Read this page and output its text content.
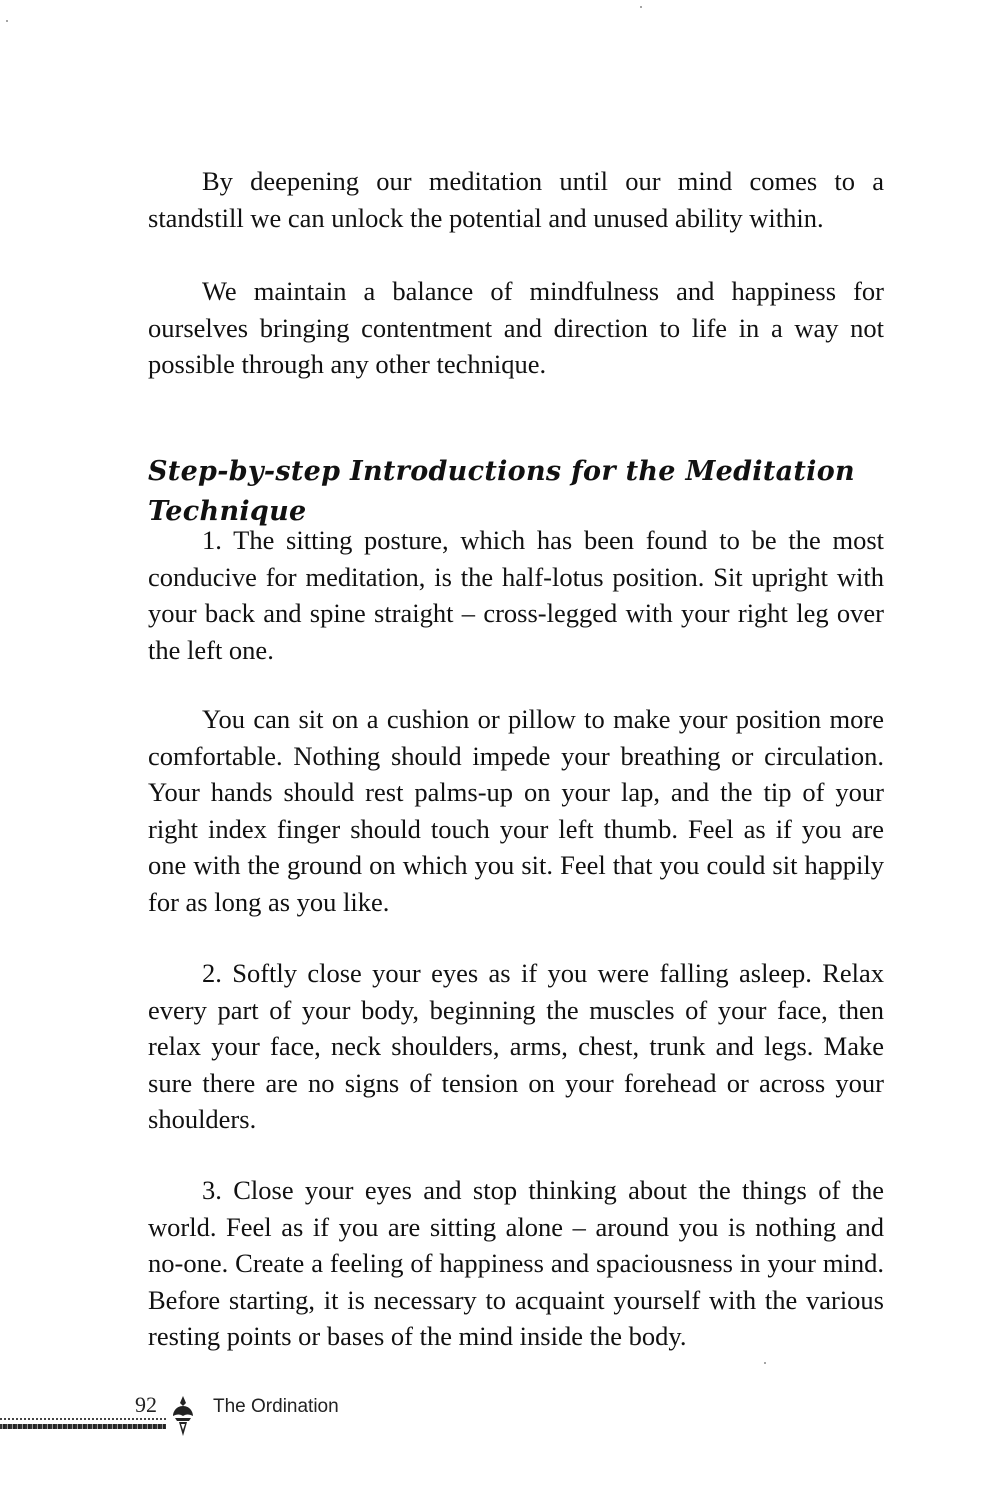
By deepening our meditation until our mind comes to a standstill we can unlock the potential and unused ability within.

We maintain a balance of mindfulness and happiness for ourselves bringing contentment and direction to life in a way not possible through any other technique.

Step-by-step Introductions for the Meditation Technique

1. The sitting posture, which has been found to be the most conducive for meditation, is the half-lotus position. Sit upright with your back and spine straight – cross-legged with your right leg over the left one.

You can sit on a cushion or pillow to make your position more comfortable. Nothing should impede your breathing or circulation. Your hands should rest palms-up on your lap, and the tip of your right index finger should touch your left thumb. Feel as if you are one with the ground on which you sit. Feel that you could sit happily for as long as you like.

2. Softly close your eyes as if you were falling asleep. Relax every part of your body, beginning the muscles of your face, then relax your face, neck shoulders, arms, chest, trunk and legs. Make sure there are no signs of tension on your forehead or across your shoulders.

3. Close your eyes and stop thinking about the things of the world. Feel as if you are sitting alone – around you is nothing and no-one. Create a feeling of happiness and spaciousness in your mind. Before starting, it is necessary to acquaint yourself with the various resting points or bases of the mind inside the body.

92	The Ordination
